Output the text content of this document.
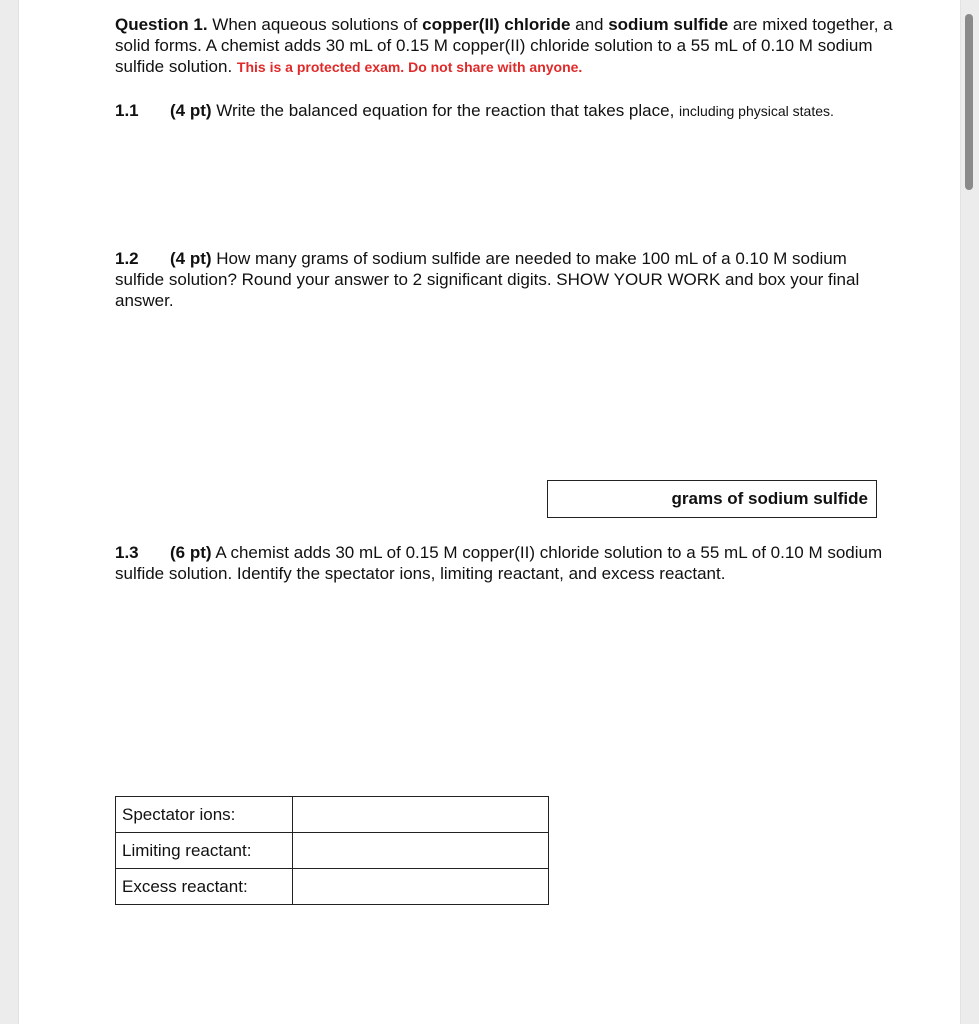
Question 1. When aqueous solutions of copper(II) chloride and sodium sulfide are mixed together, a solid forms. A chemist adds 30 mL of 0.15 M copper(II) chloride solution to a 55 mL of 0.10 M sodium sulfide solution. This is a protected exam. Do not share with anyone.
1.1 (4 pt) Write the balanced equation for the reaction that takes place, including physical states.
1.2 (4 pt) How many grams of sodium sulfide are needed to make 100 mL of a 0.10 M sodium sulfide solution? Round your answer to 2 significant digits. SHOW YOUR WORK and box your final answer.
grams of sodium sulfide
1.3 (6 pt) A chemist adds 30 mL of 0.15 M copper(II) chloride solution to a 55 mL of 0.10 M sodium sulfide solution. Identify the spectator ions, limiting reactant, and excess reactant.
Spectator ions:	
Limiting reactant:	
Excess reactant:	
